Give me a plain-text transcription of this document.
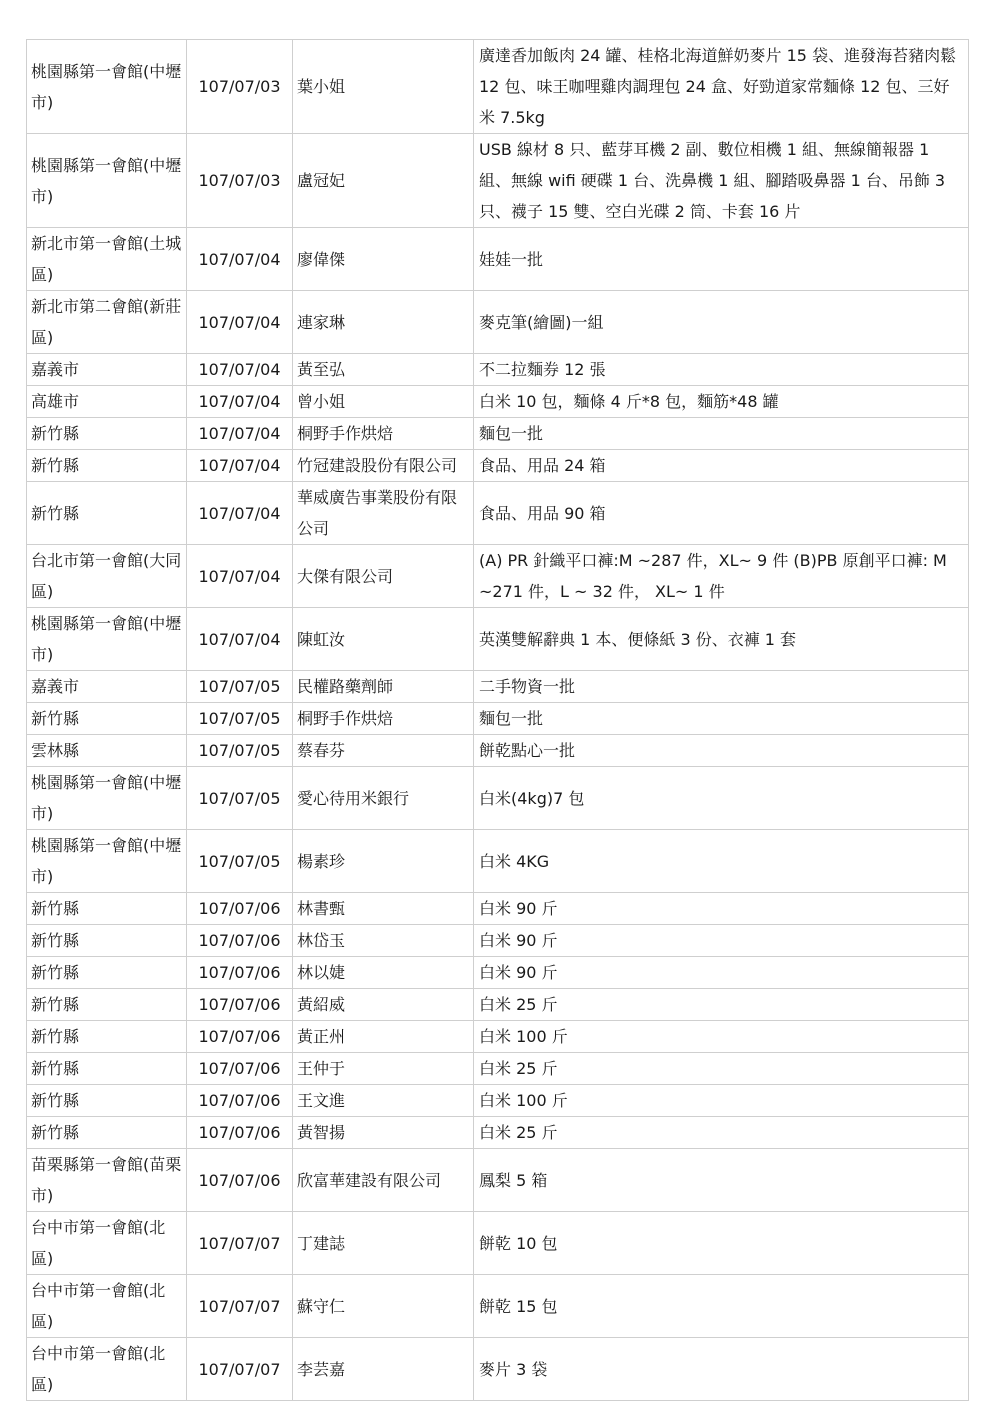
桃園縣第一會館(中壢市)	107/07/03	葉小姐	廣達香加飯肉 24 罐、桂格北海道鮮奶麥片 15 袋、進發海苔豬肉鬆 12 包、味王咖哩雞肉調理包 24 盒、好勁道家常麵條 12 包、三好米 7.5kg
桃園縣第一會館(中壢市)	107/07/03	盧冠妃	USB 線材 8 只、藍芽耳機 2 副、數位相機 1 組、無線簡報器 1 組、無線 wifi 硬碟 1 台、洗鼻機 1 組、腳踏吸鼻器 1 台、吊飾 3 只、襪子 15 雙、空白光碟 2 筒、卡套 16 片
新北市第一會館(土城區)	107/07/04	廖偉傑	娃娃一批
新北市第二會館(新莊區)	107/07/04	連家琳	麥克筆(繪圖)一組
嘉義市	107/07/04	黃至弘	不二拉麵券 12 張
高雄市	107/07/04	曾小姐	白米 10 包，麵條 4 斤*8 包，麵筋*48 罐
新竹縣	107/07/04	桐野手作烘焙	麵包一批
新竹縣	107/07/04	竹冠建設股份有限公司	食品、用品 24 箱
新竹縣	107/07/04	華威廣告事業股份有限公司	食品、用品 90 箱
台北市第一會館(大同區)	107/07/04	大傑有限公司	(A) PR 針織平口褲:M ~287 件，XL~ 9 件 (B)PB 原創平口褲: M ~271 件，L ~ 32 件， XL~ 1 件
桃園縣第一會館(中壢市)	107/07/04	陳虹汝	英漢雙解辭典 1 本、便條紙 3 份、衣褲 1 套
嘉義市	107/07/05	民權路藥劑師	二手物資一批
新竹縣	107/07/05	桐野手作烘焙	麵包一批
雲林縣	107/07/05	蔡春芬	餅乾點心一批
桃園縣第一會館(中壢市)	107/07/05	愛心待用米銀行	白米(4kg)7 包
桃園縣第一會館(中壢市)	107/07/05	楊素珍	白米 4KG
新竹縣	107/07/06	林書甄	白米 90 斤
新竹縣	107/07/06	林岱玉	白米 90 斤
新竹縣	107/07/06	林以婕	白米 90 斤
新竹縣	107/07/06	黃紹威	白米 25 斤
新竹縣	107/07/06	黃正州	白米 100 斤
新竹縣	107/07/06	王仲于	白米 25 斤
新竹縣	107/07/06	王文進	白米 100 斤
新竹縣	107/07/06	黃智揚	白米 25 斤
苗栗縣第一會館(苗栗市)	107/07/06	欣富華建設有限公司	鳳梨 5 箱
台中市第一會館(北區)	107/07/07	丁建誌	餅乾 10 包
台中市第一會館(北區)	107/07/07	蘇守仁	餅乾 15 包
台中市第一會館(北區)	107/07/07	李芸嘉	麥片 3 袋
